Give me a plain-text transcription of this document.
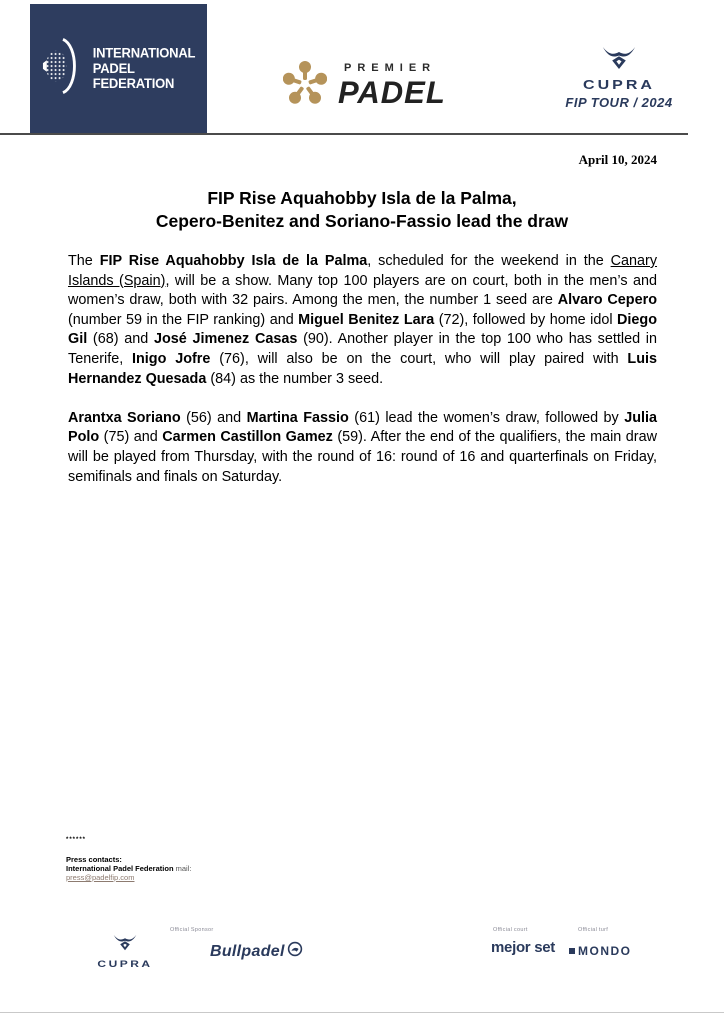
INTERNATIONAL
PADEL
FEDERATION
PREMIER
PADEL	CUPRA
FIP TOUR / 2024
April 10, 2024
FIP Rise Aquahobby Isla de la Palma,
Cepero-Benitez and Soriano-Fassio lead the draw

The FIP Rise Aquahobby Isla de la Palma, scheduled for the weekend in the Canary Islands (Spain), will be a show. Many top 100 players are on court, both in the men’s and women’s draw, both with 32 pairs. Among the men, the number 1 seed are Alvaro Cepero (number 59 in the FIP ranking) and Miguel Benitez Lara (72), followed by home idol Diego Gil (68) and José Jimenez Casas (90). Another player in the top 100 who has settled in Tenerife, Inigo Jofre (76), will also be on the court, who will play paired with Luis Hernandez Quesada (84) as the number 3 seed.

Arantxa Soriano (56) and Martina Fassio (61) lead the women’s draw, followed by Julia Polo (75) and Carmen Castillon Gamez (59). After the end of the qualifiers, the main draw will be played from Thursday, with the round of 16: round of 16 and quarterfinals on Friday, semifinals and finals on Saturday.

******
Press contacts:
International Padel Federation mail:
press@padelfip.com
Official Sponsor
CUPRA
Bullpadel
Official court
mejor set
Official turf
MONDO
